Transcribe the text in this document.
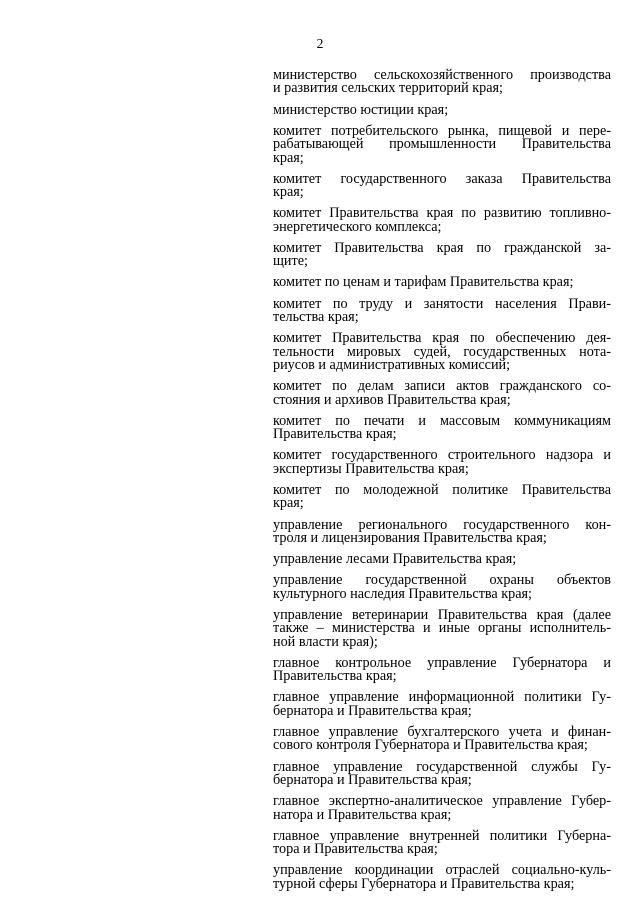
2
министерство сельскохозяйственного производства
и развития сельских территорий края;
министерство юстиции края;
комитет потребительского рынка, пищевой и пере-
рабатывающей промышленности Правительства
края;
комитет государственного заказа Правительства
края;
комитет Правительства края по развитию топливно-
энергетического комплекса;
комитет Правительства края по гражданской за-
щите;
комитет по ценам и тарифам Правительства края;
комитет по труду и занятости населения Прави-
тельства края;
комитет Правительства края по обеспечению дея-
тельности мировых судей, государственных нота-
риусов и административных комиссий;
комитет по делам записи актов гражданского со-
стояния и архивов Правительства края;
комитет по печати и массовым коммуникациям
Правительства края;
комитет государственного строительного надзора и
экспертизы Правительства края;
комитет по молодежной политике Правительства
края;
управление регионального государственного кон-
троля и лицензирования Правительства края;
управление лесами Правительства края;
управление государственной охраны объектов
культурного наследия Правительства края;
управление ветеринарии Правительства края (далее
также – министерства и иные органы исполнитель-
ной власти края);
главное контрольное управление Губернатора и
Правительства края;
главное управление информационной политики Гу-
бернатора и Правительства края;
главное управление бухгалтерского учета и финан-
сового контроля Губернатора и Правительства края;
главное управление государственной службы Гу-
бернатора и Правительства края;
главное экспертно-аналитическое управление Губер-
натора и Правительства края;
главное управление внутренней политики Губерна-
тора и Правительства края;
управление координации отраслей социально-куль-
турной сферы Губернатора и Правительства края;
